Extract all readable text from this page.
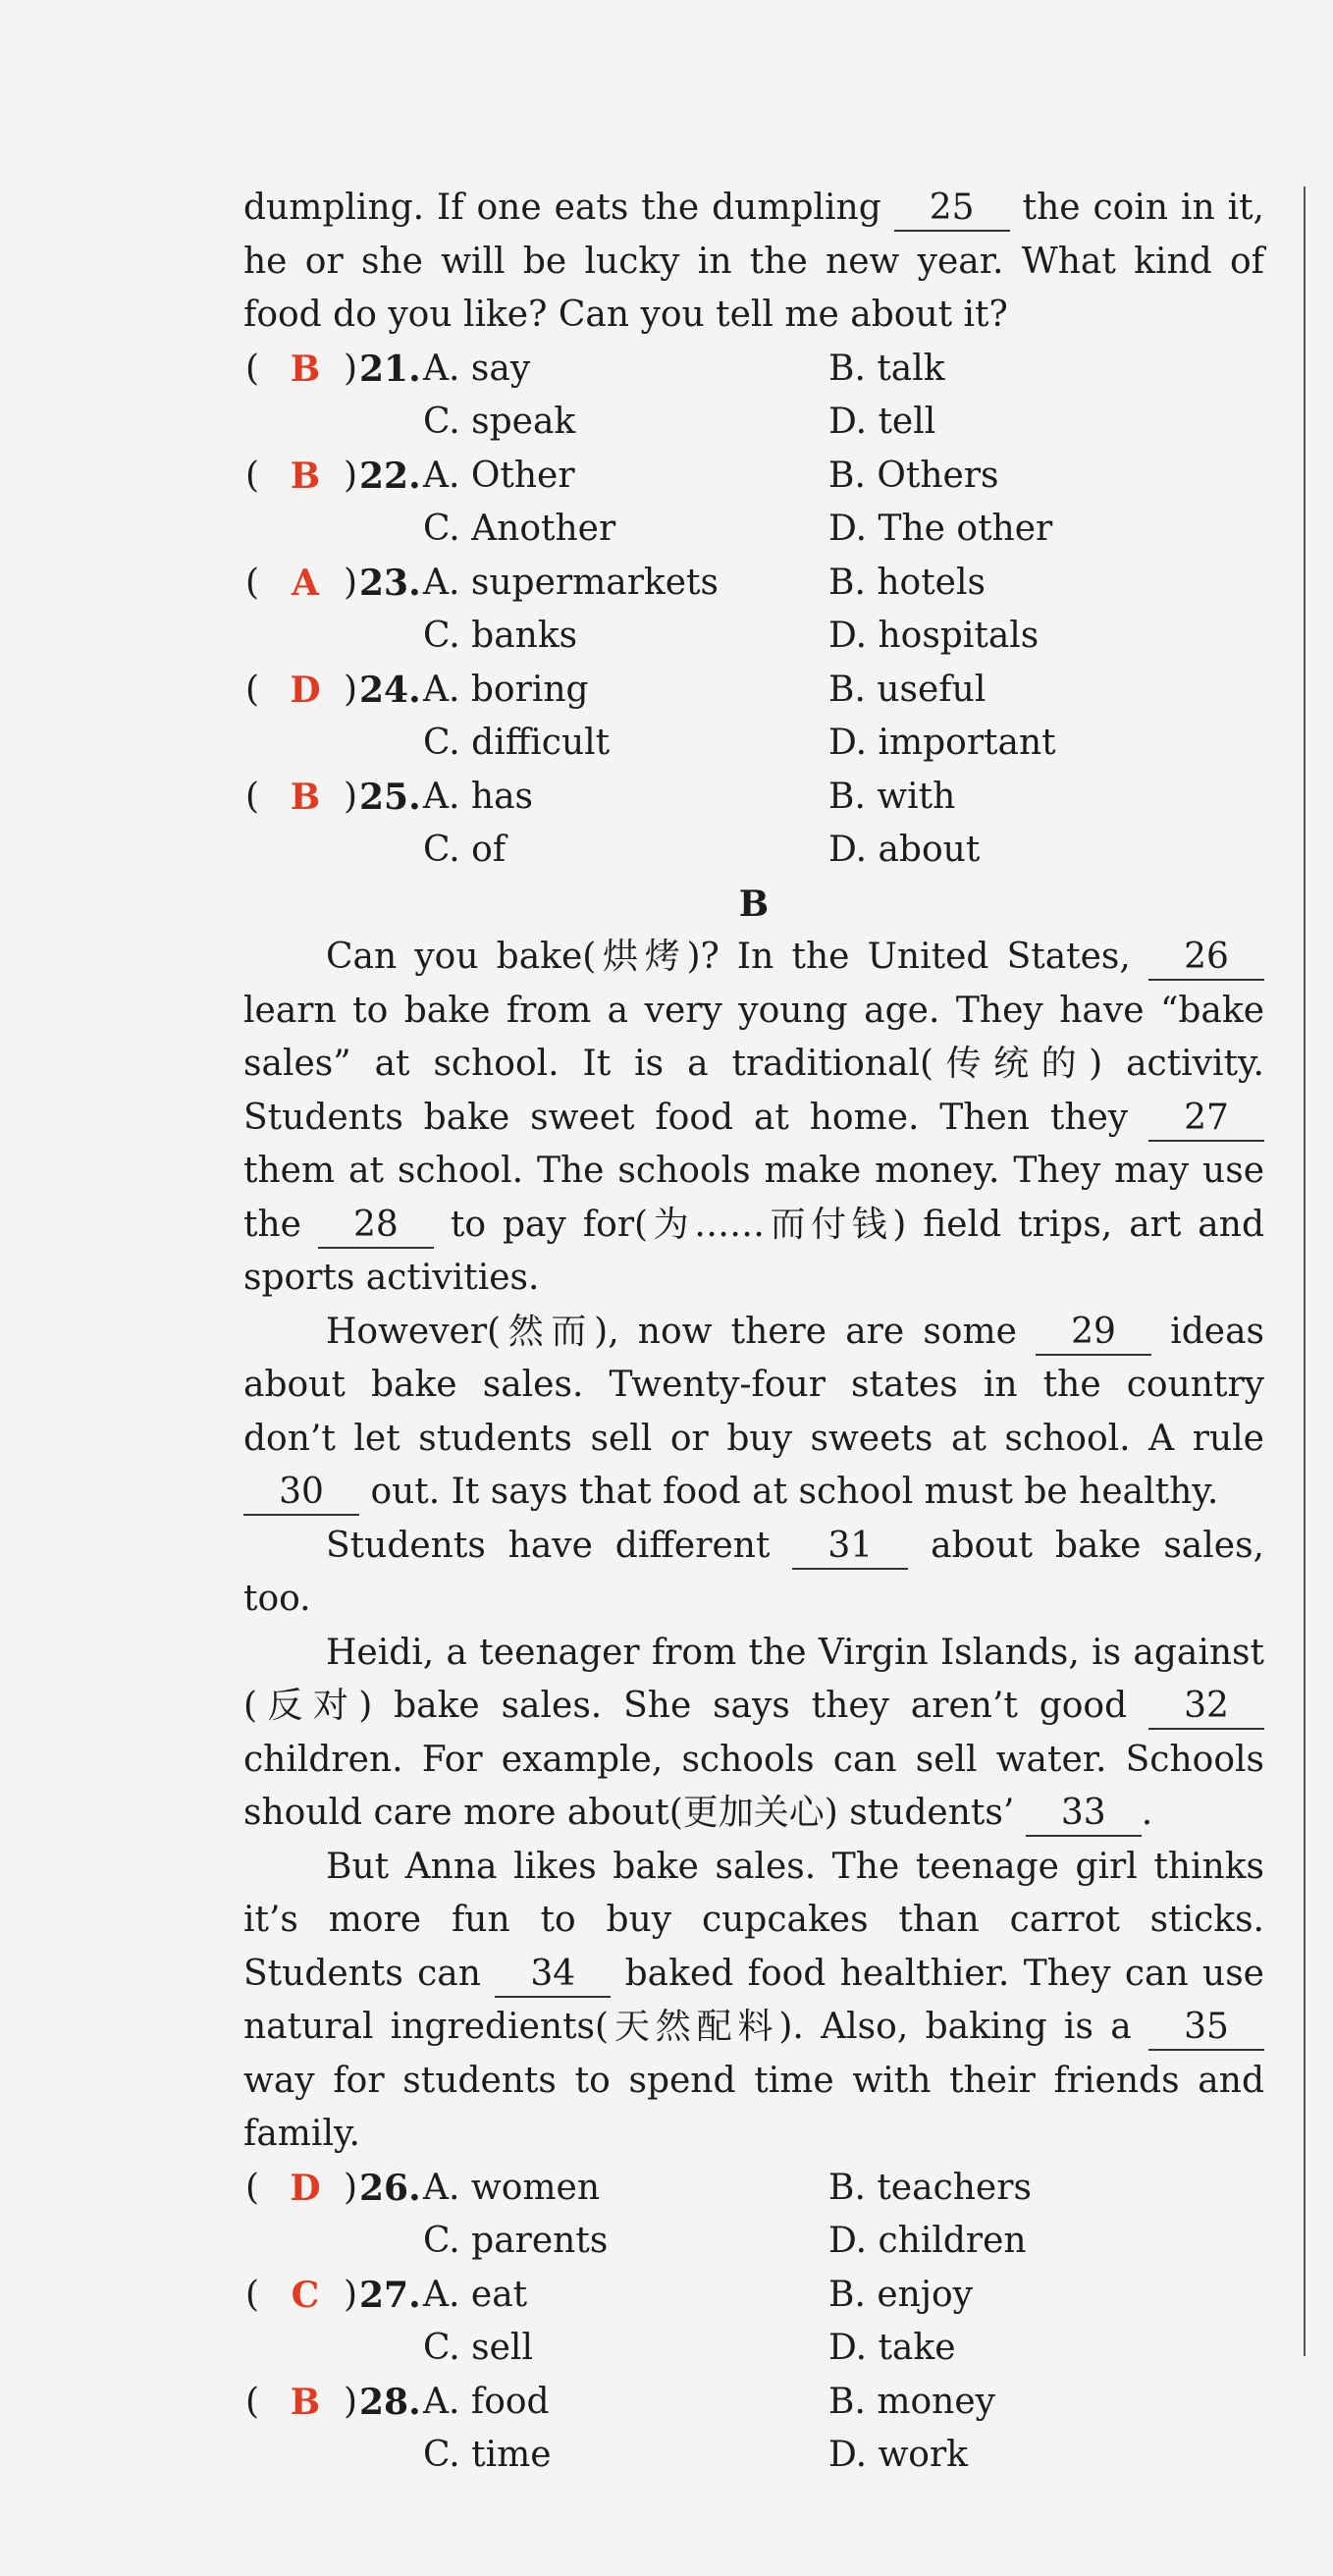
dumpling. If one eats the dumpling 25 the coin in it, he or she will be lucky in the new year. What kind of food do you like? Can you tell me about it?

( B ) 21. A. say	B. talk
C. speak	D. tell
( B ) 22. A. Other	B. Others
C. Another	D. The other
( A ) 23. A. supermarkets	B. hotels
C. banks	D. hospitals
( D ) 24. A. boring	B. useful
C. difficult	D. important
( B ) 25. A. has	B. with
C. of	D. about
B

Can you bake(烘烤)? In the United States, 26 learn to bake from a very young age. They have “bake sales” at school. It is a traditional(传统的) activity. Students bake sweet food at home. Then they 27 them at school. The schools make money. They may use the 28 to pay for(为……而付钱) field trips, art and sports activities.

However(然而), now there are some 29 ideas about bake sales. Twenty-four states in the country don’t let students sell or buy sweets at school. A rule 30 out. It says that food at school must be healthy.

Students have different 31 about bake sales, too.

Heidi, a teenager from the Virgin Islands, is against (反对) bake sales. She says they aren’t good 32 children. For example, schools can sell water. Schools should care more about(更加关心) students’ 33 .

But Anna likes bake sales. The teenage girl thinks it’s more fun to buy cupcakes than carrot sticks. Students can 34 baked food healthier. They can use natural ingredients(天然配料). Also, baking is a 35 way for students to spend time with their friends and family.

( D ) 26. A. women	B. teachers
C. parents	D. children
( C ) 27. A. eat	B. enjoy
C. sell	D. take
( B ) 28. A. food	B. money
C. time	D. work
